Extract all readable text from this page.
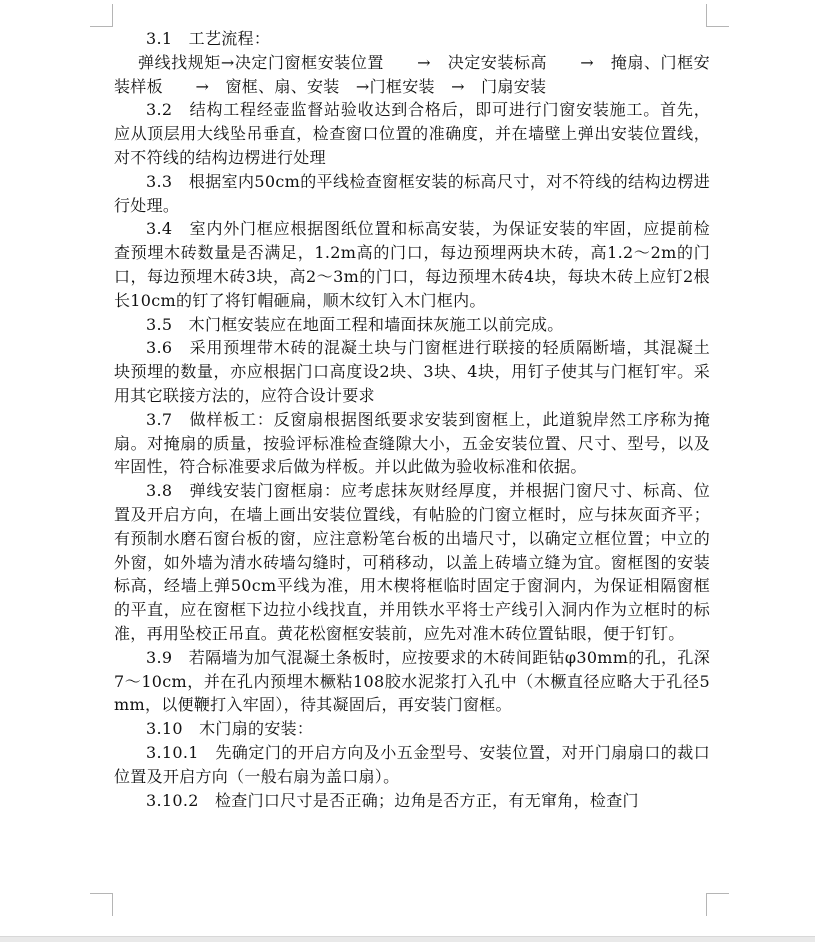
3.1　工艺流程：

弹线找规矩→决定门窗框安装位置　　→　决定安装标高　　→　掩扇、门框安装样板　　→　窗框、扇、安装　→门框安装　→　门扇安装

3.2　结构工程经壶监督站验收达到合格后，即可进行门窗安装施工。首先，应从顶层用大线坠吊垂直，检查窗口位置的准确度，并在墙壁上弹出安装位置线，对不符线的结构边楞进行处理

3.3　根据室内50cm的平线检查窗框安装的标高尺寸，对不符线的结构边楞进行处理。

3.4　室内外门框应根据图纸位置和标高安装，为保证安装的牢固，应提前检查预埋木砖数量是否满足，1.2m高的门口，每边预埋两块木砖，高1.2～2m的门口，每边预埋木砖3块，高2～3m的门口，每边预埋木砖4块，每块木砖上应钉2根长10cm的钉了将钉帽砸扁，顺木纹钉入木门框内。

3.5　木门框安装应在地面工程和墙面抹灰施工以前完成。

3.6　采用预埋带木砖的混凝土块与门窗框进行联接的轻质隔断墙，其混凝土块预埋的数量，亦应根据门口高度设2块、3块、4块，用钉子使其与门框钉牢。采用其它联接方法的，应符合设计要求

3.7　做样板工：反窗扇根据图纸要求安装到窗框上，此道貌岸然工序称为掩扇。对掩扇的质量，按验评标准检查缝隙大小，五金安装位置、尺寸、型号，以及牢固性，符合标准要求后做为样板。并以此做为验收标准和依据。

3.8　弹线安装门窗框扇：应考虑抹灰财经厚度，并根据门窗尺寸、标高、位置及开启方向，在墙上画出安装位置线，有帖脸的门窗立框时，应与抹灰面齐平；有预制水磨石窗台板的窗，应注意粉笔台板的出墙尺寸，以确定立框位置；中立的外窗，如外墙为清水砖墙勾缝时，可稍移动，以盖上砖墙立缝为宜。窗框图的安装标高，经墙上弹50cm平线为准，用木楔将框临时固定于窗洞内，为保证相隔窗框的平直，应在窗框下边拉小线找直，并用铁水平将士产线引入洞内作为立框时的标准，再用坠校正吊直。黄花松窗框安装前，应先对准木砖位置钻眼，便于钉钉。

3.9　若隔墙为加气混凝土条板时，应按要求的木砖间距钻φ30mm的孔，孔深7～10cm，并在孔内预埋木橛粘108胶水泥浆打入孔中（木橛直径应略大于孔径5mm，以便鞭打入牢固），待其凝固后，再安装门窗框。

3.10　木门扇的安装：

3.10.1　先确定门的开启方向及小五金型号、安装位置，对开门扇扇口的裁口位置及开启方向（一般右扇为盖口扇）。

3.10.2　检查门口尺寸是否正确；边角是否方正，有无窜角，检查门
